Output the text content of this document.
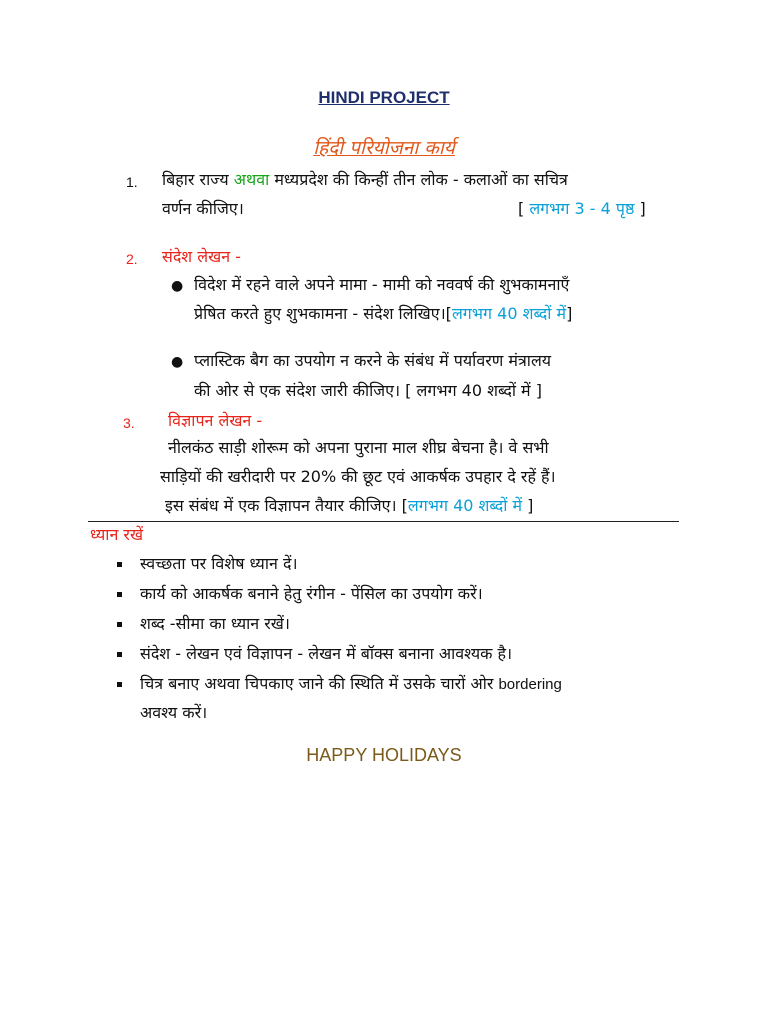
HINDI PROJECT
हिंदी परियोजना कार्य
1. बिहार राज्य अथवा मध्यप्रदेश की किन्हीं तीन लोक - कलाओं का सचित्र
वर्णन कीजिए।	[ लगभग 3 - 4 पृष्ठ ]
2. संदेश लेखन -
● विदेश में रहने वाले अपने मामा - मामी को नववर्ष की शुभकामनाएँ
प्रेषित करते हुए शुभकामना - संदेश लिखिए।[लगभग 40 शब्दों में]
● प्लास्टिक बैग का उपयोग न करने के संबंध में पर्यावरण मंत्रालय
की ओर से एक संदेश जारी कीजिए। [ लगभग 40 शब्दों में ]
3. विज्ञापन लेखन -
नीलकंठ साड़ी शोरूम को अपना पुराना माल शीघ्र बेचना है। वे सभी
साड़ियों की खरीदारी पर 20% की छूट एवं आकर्षक उपहार दे रहें हैं।
इस संबंध में एक विज्ञापन तैयार कीजिए। [लगभग 40 शब्दों में ]
ध्यान रखें
स्वच्छता पर विशेष ध्यान दें।
कार्य को आकर्षक बनाने हेतु रंगीन - पेंसिल का उपयोग करें।
शब्द -सीमा का ध्यान रखें।
संदेश - लेखन एवं विज्ञापन - लेखन में बॉक्स बनाना आवश्यक है।
चित्र बनाए अथवा चिपकाए जाने की स्थिति में उसके चारों ओर bordering
अवश्य करें।
HAPPY HOLIDAYS
